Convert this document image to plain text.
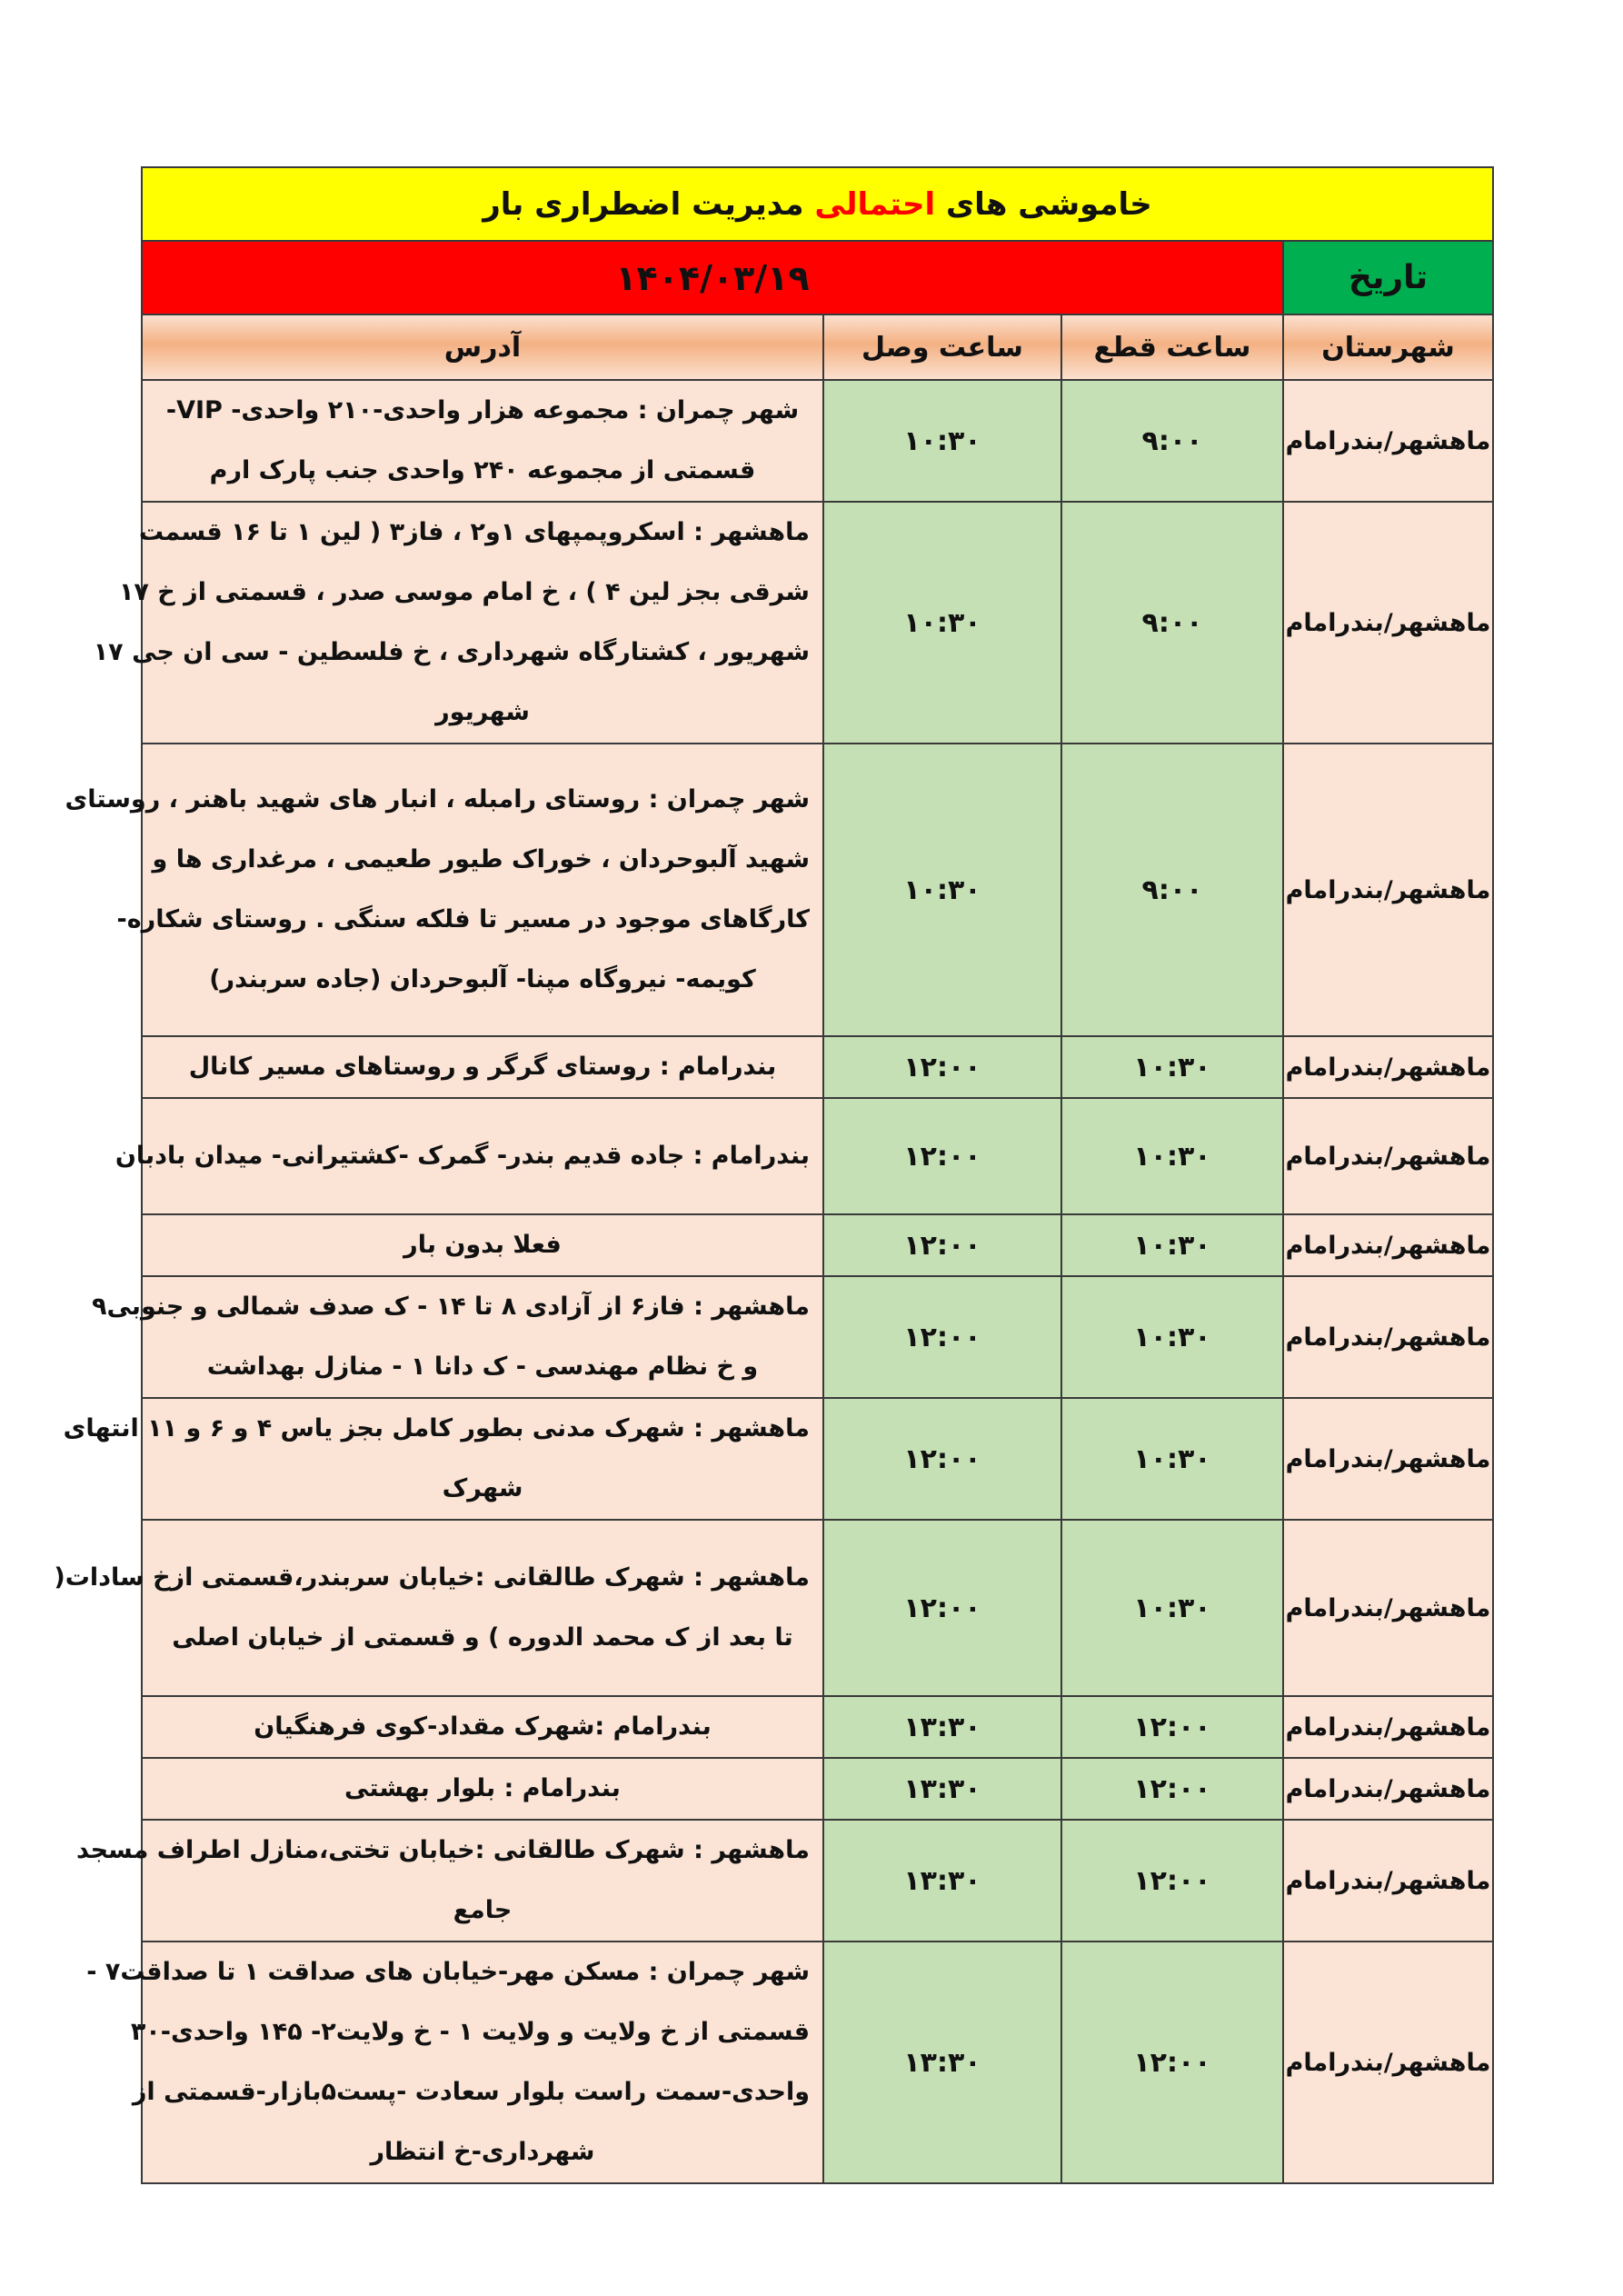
خاموشی های احتمالی مدیریت اضطراری بار			
تاریخ	۱۴۰۴/۰۳/۱۹		
شهرستان	ساعت قطع	ساعت وصل	آدرس
ماهشهر/بندرامام	۹:۰۰	۱۰:۳۰	شهر چمران : مجموعه هزار واحدی-۲۱۰ واحدی- VIP-
قسمتی از مجموعه ۲۴۰ واحدی جنب پارک ارم

ماهشهر/بندرامام	۹:۰۰	۱۰:۳۰	ماهشهر : اسکروپمپهای ۱و۲ ، فاز۳ ( لین ۱ تا ۱۶ قسمت
شرقی بجز لین ۴ ) ، خ امام موسی صدر ، قسمتی از خ ۱۷
شهریور ، کشتارگاه شهرداری ، خ فلسطین - سی ان جی ۱۷
شهریور

ماهشهر/بندرامام	۹:۰۰	۱۰:۳۰	شهر چمران : روستای رامبله ، انبار های شهید باهنر ، روستای
شهید آلبوحردان ، خوراک طیور طعیمی ، مرغداری ها و
کارگاهای موجود در مسیر تا فلکه سنگی . روستای شکاره-
کویمه- نیروگاه مپنا- آلبوحردان (جاده سربندر)

ماهشهر/بندرامام	۱۰:۳۰	۱۲:۰۰	بندرامام : روستای گرگر و روستاهای مسیر کانال

ماهشهر/بندرامام	۱۰:۳۰	۱۲:۰۰	بندرامام : جاده قدیم بندر- گمرک -کشتیرانی- میدان بادبان

ماهشهر/بندرامام	۱۰:۳۰	۱۲:۰۰	فعلا بدون بار

ماهشهر/بندرامام	۱۰:۳۰	۱۲:۰۰	ماهشهر : فاز۶ از آزادی ۸ تا ۱۴ - ک صدف شمالی و جنوبی۹
و خ نظام مهندسی - ک دانا ۱ - منازل بهداشت

ماهشهر/بندرامام	۱۰:۳۰	۱۲:۰۰	ماهشهر : شهرک مدنی بطور کامل بجز یاس ۴ و ۶ و ۱۱ انتهای
شهرک

ماهشهر/بندرامام	۱۰:۳۰	۱۲:۰۰	ماهشهر : شهرک طالقانی :خیابان سربندر،قسمتی ازخ سادات(
تا بعد از ک محمد الدوره ) و قسمتی از خیابان اصلی

ماهشهر/بندرامام	۱۲:۰۰	۱۳:۳۰	بندرامام :شهرک مقداد-کوی فرهنگیان

ماهشهر/بندرامام	۱۲:۰۰	۱۳:۳۰	بندرامام : بلوار بهشتی

ماهشهر/بندرامام	۱۲:۰۰	۱۳:۳۰	ماهشهر : شهرک طالقانی :خیابان تختی،منازل اطراف مسجد
جامع

ماهشهر/بندرامام	۱۲:۰۰	۱۳:۳۰	شهر چمران : مسکن مهر-خیابان های صداقت ۱ تا صداقت۷ -
قسمتی از خ ولایت و ولایت ۱ - خ ولایت۲- ۱۴۵ واحدی-۳۰
واحدی-سمت راست بلوار سعادت -پست۵بازار-قسمتی از
شهرداری-خ انتظار
